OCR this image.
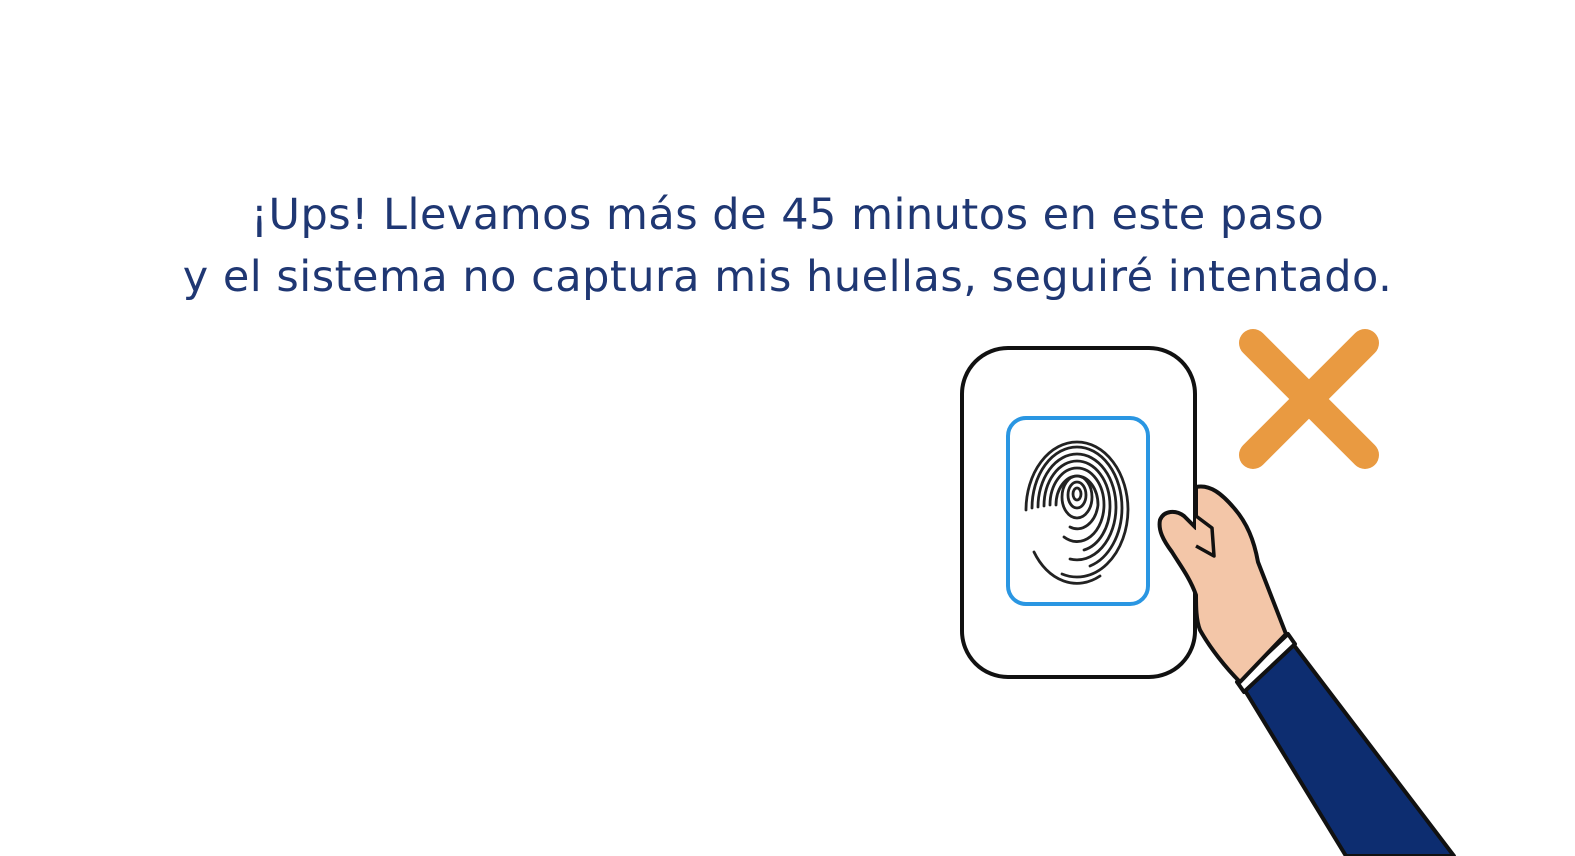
¡Ups! Llevamos más de 45 minutos en este paso
y el sistema no captura mis huellas, seguiré intentado.
